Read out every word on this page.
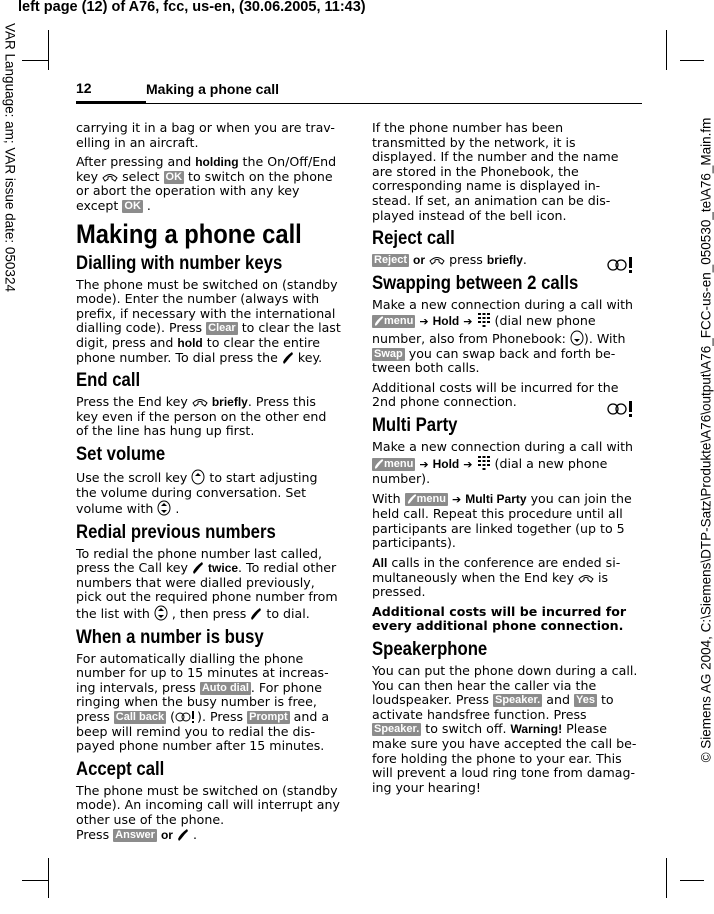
left page (12) of A76, fcc, us-en, (30.06.2005, 11:43)
VAR Language: am; VAR issue date: 050324	© Siemens AG 2004, C:\Siemens\DTP-Satz\Produkte\A76\output\A76_FCC-us-en_050530_te\A76_Main.fm
12	Making a phone call

carrying it in a bag or when you are trav-elling in an aircraft.

After pressing and holding the On/Off/End key select OK to switch on the phone or abort the operation with any key except OK .

Making a phone call
Dialling with number keys

The phone must be switched on (standby mode). Enter the number (always with prefix, if necessary with the international dialling code). Press Clear to clear the last digit, press and hold to clear the entire phone number. To dial press the key.

End call

Press the End key briefly. Press this key even if the person on the other end of the line has hung up first.

Set volume

Use the scroll key to start adjusting the volume during conversation. Set volume with .

Redial previous numbers

To redial the phone number last called, press the Call key twice. To redial other numbers that were dialled previously, pick out the required phone number from the list with , then press to dial.

When a number is busy

For automatically dialling the phone number for up to 15 minutes at increas-ing intervals, press Auto dial . For phone ringing when the busy number is free, press Call back ( ). Press Prompt and a beep will remind you to redial the dis-payed phone number after 15 minutes.

Accept call

The phone must be switched on (standby mode). An incoming call will interrupt any other use of the phone.
Press Answer or .

If the phone number has been transmitted by the network, it is displayed. If the number and the name are stored in the Phonebook, the corresponding name is displayed in-stead. If set, an animation can be dis-played instead of the bell icon.

Reject call

Reject or press briefly.

Swapping between 2 calls

Make a new connection during a call with menu ➔ Hold ➔ (dial new phone number, also from Phonebook: ). With Swap you can swap back and forth be-tween both calls.

Additional costs will be incurred for the 2nd phone connection.

Multi Party

Make a new connection during a call with menu ➔ Hold ➔ (dial a new phone number).

With menu ➔ Multi Party you can join the held call. Repeat this procedure until all participants are linked together (up to 5 participants).

All calls in the conference are ended si-multaneously when the End key is pressed.

Additional costs will be incurred for every additional phone connection.

Speakerphone

You can put the phone down during a call. You can then hear the caller via the loudspeaker. Press Speaker. and Yes to activate handsfree function. Press Speaker. to switch off. Warning! Please make sure you have accepted the call be-fore holding the phone to your ear. This will prevent a loud ring tone from damag-ing your hearing!
